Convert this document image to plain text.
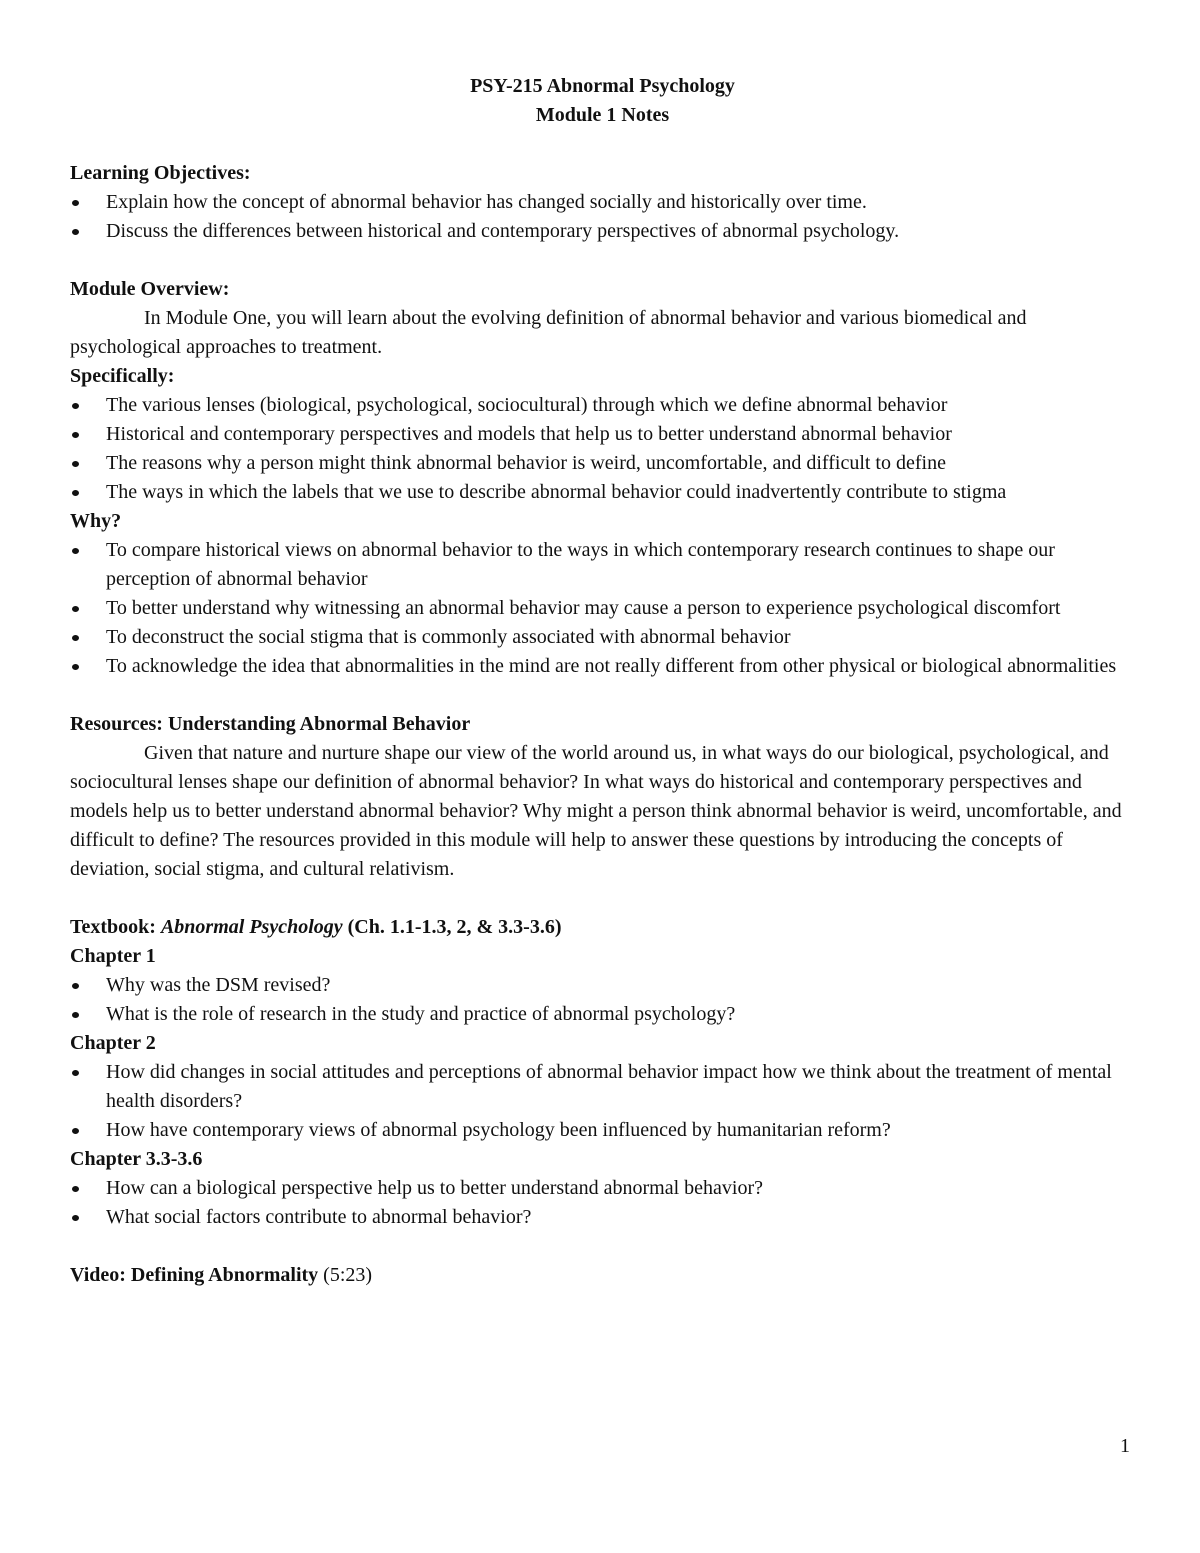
PSY-215 Abnormal Psychology
Module 1 Notes
Learning Objectives:
Explain how the concept of abnormal behavior has changed socially and historically over time.
Discuss the differences between historical and contemporary perspectives of abnormal psychology.
Module Overview:
In Module One, you will learn about the evolving definition of abnormal behavior and various biomedical and psychological approaches to treatment.
Specifically:
The various lenses (biological, psychological, sociocultural) through which we define abnormal behavior
Historical and contemporary perspectives and models that help us to better understand abnormal behavior
The reasons why a person might think abnormal behavior is weird, uncomfortable, and difficult to define
The ways in which the labels that we use to describe abnormal behavior could inadvertently contribute to stigma
Why?
To compare historical views on abnormal behavior to the ways in which contemporary research continues to shape our perception of abnormal behavior
To better understand why witnessing an abnormal behavior may cause a person to experience psychological discomfort
To deconstruct the social stigma that is commonly associated with abnormal behavior
To acknowledge the idea that abnormalities in the mind are not really different from other physical or biological abnormalities
Resources: Understanding Abnormal Behavior
Given that nature and nurture shape our view of the world around us, in what ways do our biological, psychological, and sociocultural lenses shape our definition of abnormal behavior? In what ways do historical and contemporary perspectives and models help us to better understand abnormal behavior? Why might a person think abnormal behavior is weird, uncomfortable, and difficult to define? The resources provided in this module will help to answer these questions by introducing the concepts of deviation, social stigma, and cultural relativism.
Textbook: Abnormal Psychology (Ch. 1.1-1.3, 2, & 3.3-3.6)
Chapter 1
Why was the DSM revised?
What is the role of research in the study and practice of abnormal psychology?
Chapter 2
How did changes in social attitudes and perceptions of abnormal behavior impact how we think about the treatment of mental health disorders?
How have contemporary views of abnormal psychology been influenced by humanitarian reform?
Chapter 3.3-3.6
How can a biological perspective help us to better understand abnormal behavior?
What social factors contribute to abnormal behavior?
Video: Defining Abnormality (5:23)
1
